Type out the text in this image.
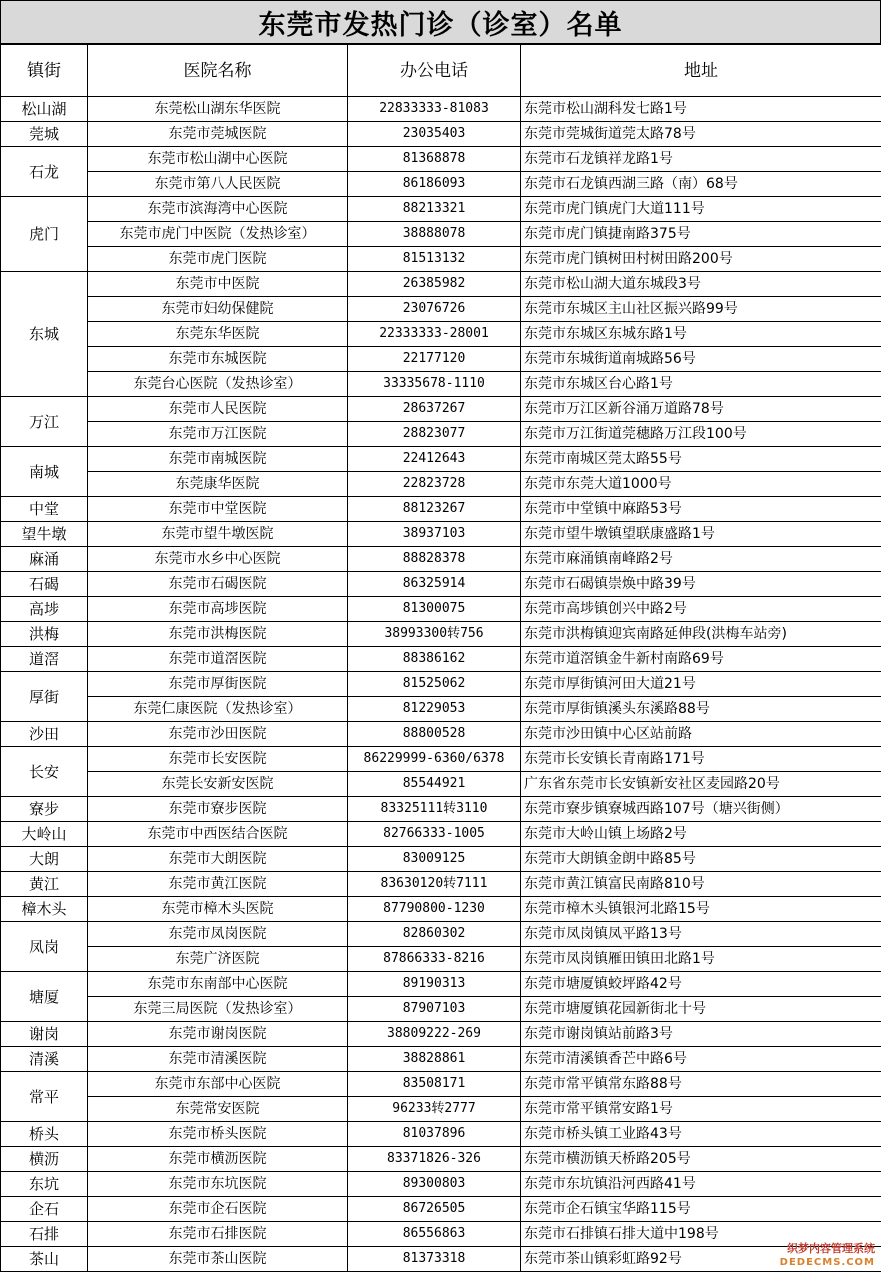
东莞市发热门诊（诊室）名单
镇街	医院名称	办公电话	地址
松山湖	东莞松山湖东华医院	22833333-81083	东莞市松山湖科发七路1号
莞城	东莞市莞城医院	23035403	东莞市莞城街道莞太路78号
石龙	东莞市松山湖中心医院	81368878	东莞市石龙镇祥龙路1号
	东莞市第八人民医院	86186093	东莞市石龙镇西湖三路（南）68号
虎门	东莞市滨海湾中心医院	88213321	东莞市虎门镇虎门大道111号
	东莞市虎门中医院（发热诊室）	38888078	东莞市虎门镇捷南路375号
	东莞市虎门医院	81513132	东莞市虎门镇树田村树田路200号
东城	东莞市中医院	26385982	东莞市松山湖大道东城段3号
	东莞市妇幼保健院	23076726	东莞市东城区主山社区振兴路99号
	东莞东华医院	22333333-28001	东莞市东城区东城东路1号
	东莞市东城医院	22177120	东莞市东城街道南城路56号
	东莞台心医院（发热诊室）	33335678-1110	东莞市东城区台心路1号
万江	东莞市人民医院	28637267	东莞市万江区新谷涌万道路78号
	东莞市万江医院	28823077	东莞市万江街道莞穗路万江段100号
南城	东莞市南城医院	22412643	东莞市南城区莞太路55号
	东莞康华医院	22823728	东莞市东莞大道1000号
中堂	东莞市中堂医院	88123267	东莞市中堂镇中麻路53号
望牛墩	东莞市望牛墩医院	38937103	东莞市望牛墩镇望联康盛路1号
麻涌	东莞市水乡中心医院	88828378	东莞市麻涌镇南峰路2号
石碣	东莞市石碣医院	86325914	东莞市石碣镇崇焕中路39号
高埗	东莞市高埗医院	81300075	东莞市高埗镇创兴中路2号
洪梅	东莞市洪梅医院	38993300转756	东莞市洪梅镇迎宾南路延伸段(洪梅车站旁)
道滘	东莞市道滘医院	88386162	东莞市道滘镇金牛新村南路69号
厚街	东莞市厚街医院	81525062	东莞市厚街镇河田大道21号
	东莞仁康医院（发热诊室）	81229053	东莞市厚街镇溪头东溪路88号
沙田	东莞市沙田医院	88800528	东莞市沙田镇中心区站前路
长安	东莞市长安医院	86229999-6360/6378	东莞市长安镇长青南路171号
	东莞长安新安医院	85544921	广东省东莞市长安镇新安社区麦园路20号
寮步	东莞市寮步医院	83325111转3110	东莞市寮步镇寮城西路107号（塘兴街侧）
大岭山	东莞市中西医结合医院	82766333-1005	东莞市大岭山镇上场路2号
大朗	东莞市大朗医院	83009125	东莞市大朗镇金朗中路85号
黄江	东莞市黄江医院	83630120转7111	东莞市黄江镇富民南路810号
樟木头	东莞市樟木头医院	87790800-1230	东莞市樟木头镇银河北路15号
凤岗	东莞市凤岗医院	82860302	东莞市凤岗镇凤平路13号
	东莞广济医院	87866333-8216	东莞市凤岗镇雁田镇田北路1号
塘厦	东莞市东南部中心医院	89190313	东莞市塘厦镇蛟坪路42号
	东莞三局医院（发热诊室）	87907103	东莞市塘厦镇花园新街北十号
谢岗	东莞市谢岗医院	38809222-269	东莞市谢岗镇站前路3号
清溪	东莞市清溪医院	38828861	东莞市清溪镇香芒中路6号
常平	东莞市东部中心医院	83508171	东莞市常平镇常东路88号
	东莞常安医院	96233转2777	东莞市常平镇常安路1号
桥头	东莞市桥头医院	81037896	东莞市桥头镇工业路43号
横沥	东莞市横沥医院	83371826-326	东莞市横沥镇天桥路205号
东坑	东莞市东坑医院	89300803	东莞市东坑镇沿河西路41号
企石	东莞市企石医院	86726505	东莞市企石镇宝华路115号
石排	东莞市石排医院	86556863	东莞市石排镇石排大道中198号
茶山	东莞市茶山医院	81373318	东莞市茶山镇彩虹路92号
织梦内容管理系统
DEDECMS.COM
